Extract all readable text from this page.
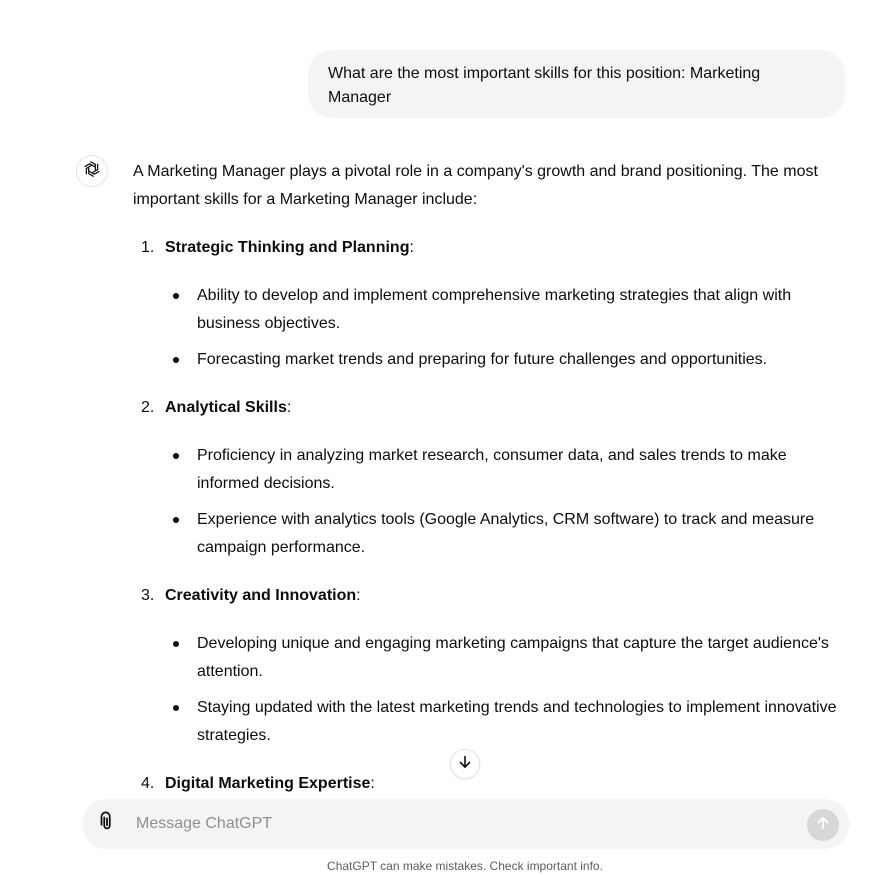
What are the most important skills for this position: Marketing Manager

A Marketing Manager plays a pivotal role in a company's growth and brand positioning. The most important skills for a Marketing Manager include:

1. Strategic Thinking and Planning:
Ability to develop and implement comprehensive marketing strategies that align with business objectives.
Forecasting market trends and preparing for future challenges and opportunities.
2. Analytical Skills:
Proficiency in analyzing market research, consumer data, and sales trends to make informed decisions.
Experience with analytics tools (Google Analytics, CRM software) to track and measure campaign performance.
3. Creativity and Innovation:
Developing unique and engaging marketing campaigns that capture the target audience's attention.
Staying updated with the latest marketing trends and technologies to implement innovative strategies.
4. Digital Marketing Expertise:
Message ChatGPT
ChatGPT can make mistakes. Check important info.
